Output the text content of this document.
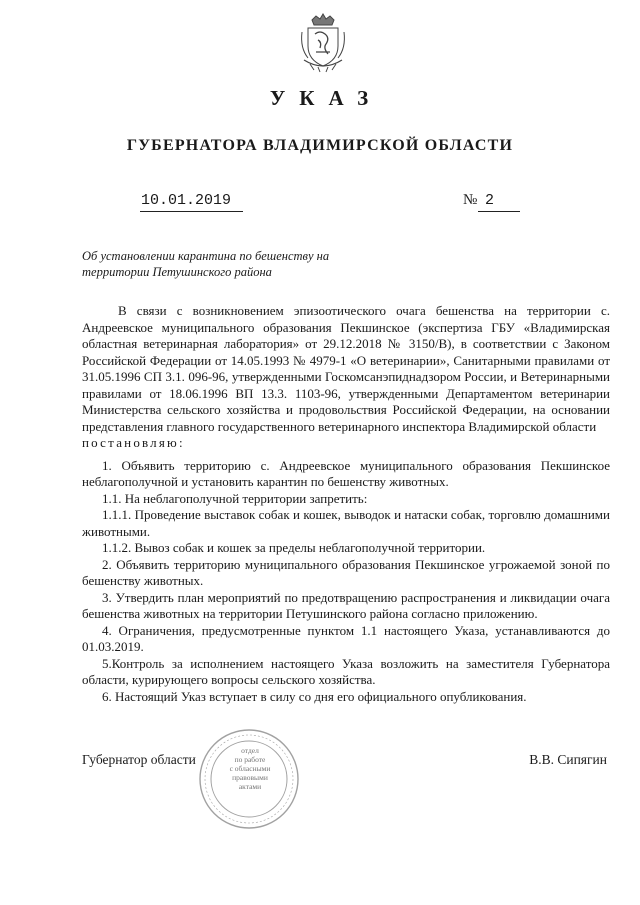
УКАЗ
ГУБЕРНАТОРА ВЛАДИМИРСКОЙ ОБЛАСТИ
10.01.2019	№ 2
Об установлении карантина по бешенству на
территории Петушинского района

В связи с возникновением эпизоотического очага бешенства на территории с. Андреевское муниципального образования Пекшинское (экспертиза ГБУ «Владимирская областная ветеринарная лаборатория» от 29.12.2018 № 3150/В), в соответствии с Законом Российской Федерации от 14.05.1993 № 4979-1 «О ветеринарии», Санитарными правилами от 31.05.1996 СП 3.1. 096-96, утвержденными Госкомсанэпиднадзором России, и Ветеринарными правилами от 18.06.1996 ВП 13.3. 1103-96, утвержденными Департаментом ветеринарии Министерства сельского хозяйства и продовольствия Российской Федерации, на основании представления главного государственного ветеринарного инспектора Владимирской области

постановляю:

1. Объявить территорию с. Андреевское муниципального образования Пекшинское неблагополучной и установить карантин по бешенству животных.

1.1. На неблагополучной территории запретить:

1.1.1. Проведение выставок собак и кошек, выводок и натаски собак, торговлю домашними животными.

1.1.2. Вывоз собак и кошек за пределы неблагополучной территории.

2. Объявить территорию муниципального образования Пекшинское угрожаемой зоной по бешенству животных.

3. Утвердить план мероприятий по предотвращению распространения и ликвидации очага бешенства животных на территории Петушинского района согласно приложению.

4. Ограничения, предусмотренные пунктом 1.1 настоящего Указа, устанавливаются до 01.03.2019.

5.Контроль за исполнением настоящего Указа возложить на заместителя Губернатора области, курирующего вопросы сельского хозяйства.

6. Настоящий Указ вступает в силу со дня его официального опубликования.

отдел
по работе
с обласными
правовыми
актами
Губернатор области	В.В. Сипягин
